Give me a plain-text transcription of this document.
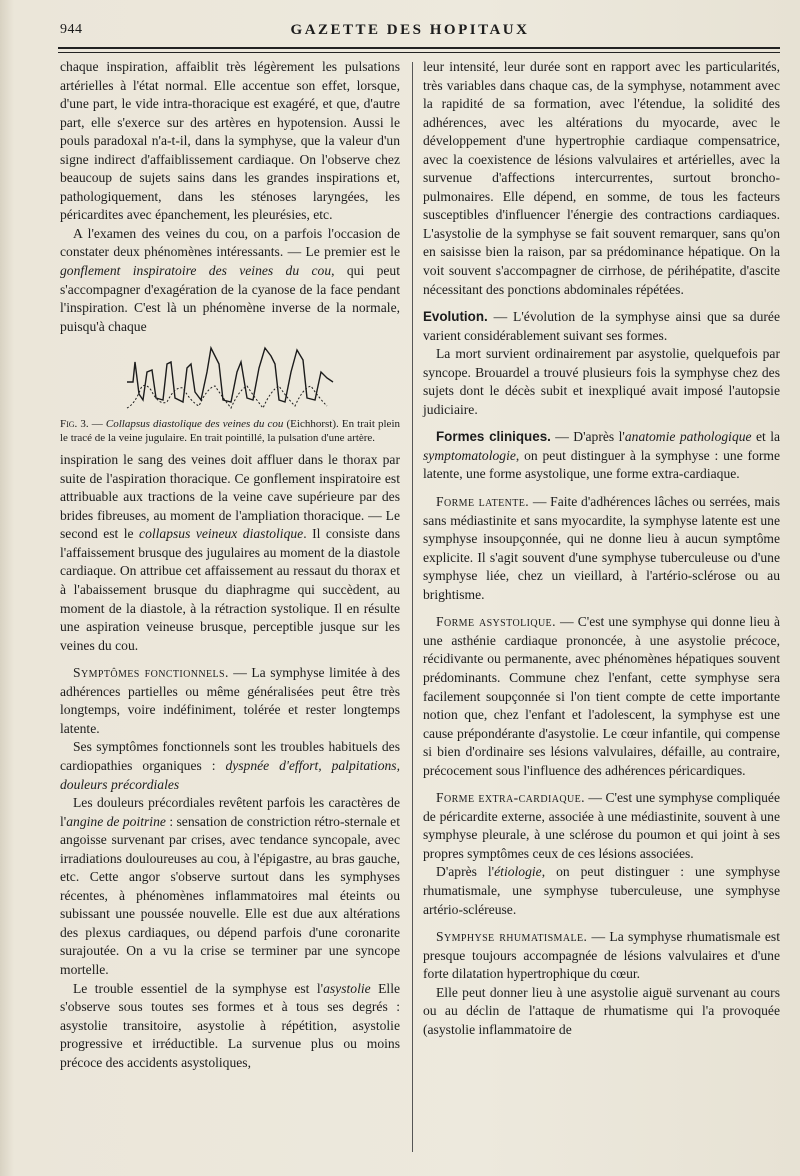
944	GAZETTE DES HOPITAUX

chaque inspiration, affaiblit très légèrement les pulsations artérielles à l'état normal. Elle accentue son effet, lorsque, d'une part, le vide intra-thoracique est exagéré, et que, d'autre part, elle s'exerce sur des artères en hypotension. Aussi le pouls paradoxal n'a-t-il, dans la symphyse, que la valeur d'un signe indirect d'affaiblissement cardiaque. On l'observe chez beaucoup de sujets sains dans les grandes inspirations et, pathologiquement, dans les sténoses laryngées, les péricardites avec épanchement, les pleurésies, etc.

A l'examen des veines du cou, on a parfois l'occasion de constater deux phénomènes intéressants. — Le premier est le gonflement inspiratoire des veines du cou, qui peut s'accompagner d'exagération de la cyanose de la face pendant l'inspiration. C'est là un phénomène inverse de la normale, puisqu'à chaque

Fig. 3. — Collapsus diastolique des veines du cou (Eichhorst). En trait plein le tracé de la veine jugulaire. En trait pointillé, la pulsation d'une artère.

inspiration le sang des veines doit affluer dans le thorax par suite de l'aspiration thoracique. Ce gonflement inspiratoire est attribuable aux tractions de la veine cave supérieure par des brides fibreuses, au moment de l'ampliation thoracique. — Le second est le collapsus veineux diastolique. Il consiste dans l'affaissement brusque des jugulaires au moment de la diastole cardiaque. On attribue cet affaissement au ressaut du thorax et à l'abaissement brusque du diaphragme qui succèdent, au moment de la diastole, à la rétraction systolique. Il en résulte une aspiration veineuse brusque, perceptible jusque sur les veines du cou.

Symptômes fonctionnels. — La symphyse limitée à des adhérences partielles ou même généralisées peut être très longtemps, voire indéfiniment, tolérée et rester longtemps latente.

Ses symptômes fonctionnels sont les troubles habituels des cardiopathies organiques : dyspnée d'effort, palpitations, douleurs précordiales

Les douleurs précordiales revêtent parfois les caractères de l'angine de poitrine : sensation de constriction rétro-sternale et angoisse survenant par crises, avec tendance syncopale, avec irradiations douloureuses au cou, à l'épigastre, au bras gauche, etc. Cette angor s'observe surtout dans les symphyses récentes, à phénomènes inflammatoires mal éteints ou subissant une poussée nouvelle. Elle est due aux altérations des plexus cardiaques, ou dépend parfois d'une coronarite surajoutée. On a vu la crise se terminer par une syncope mortelle.

Le trouble essentiel de la symphyse est l'asystolie Elle s'observe sous toutes ses formes et à tous ses degrés : asystolie transitoire, asystolie à répétition, asystolie progressive et irréductible. La survenue plus ou moins précoce des accidents asystoliques,

leur intensité, leur durée sont en rapport avec les particularités, très variables dans chaque cas, de la symphyse, notamment avec la rapidité de sa formation, avec l'étendue, la solidité des adhérences, avec les altérations du myocarde, avec le développement d'une hypertrophie cardiaque compensatrice, avec la coexistence de lésions valvulaires et artérielles, avec la survenue d'affections intercurrentes, surtout broncho-pulmonaires. Elle dépend, en somme, de tous les facteurs susceptibles d'influencer l'énergie des contractions cardiaques. L'asystolie de la symphyse se fait souvent remarquer, sans qu'on en saisisse bien la raison, par sa prédominance hépatique. On la voit souvent s'accompagner de cirrhose, de périhépatite, d'ascite nécessitant des ponctions abdominales répétées.

Evolution. — L'évolution de la symphyse ainsi que sa durée varient considérablement suivant ses formes.

La mort survient ordinairement par asystolie, quelquefois par syncope. Brouardel a trouvé plusieurs fois la symphyse chez des sujets dont le décès subit et inexpliqué avait imposé l'autopsie judiciaire.

Formes cliniques. — D'après l'anatomie pathologique et la symptomatologie, on peut distinguer à la symphyse : une forme latente, une forme asystolique, une forme extra-cardiaque.

Forme latente. — Faite d'adhérences lâches ou serrées, mais sans médiastinite et sans myocardite, la symphyse latente est une symphyse insoupçonnée, qui ne donne lieu à aucun symptôme explicite. Il s'agit souvent d'une symphyse tuberculeuse ou d'une symphyse liée, chez un vieillard, à l'artério-sclérose ou au brightisme.

Forme asystolique. — C'est une symphyse qui donne lieu à une asthénie cardiaque prononcée, à une asystolie précoce, récidivante ou permanente, avec phénomènes hépatiques souvent prédominants. Commune chez l'enfant, cette symphyse sera facilement soupçonnée si l'on tient compte de cette importante notion que, chez l'enfant et l'adolescent, la symphyse est une cause prépondérante d'asystolie. Le cœur infantile, qui compense si bien d'ordinaire ses lésions valvulaires, défaille, au contraire, précocement sous l'influence des adhérences péricardiques.

Forme extra-cardiaque. — C'est une symphyse compliquée de péricardite externe, associée à une médiastinite, souvent à une symphyse pleurale, à une sclérose du poumon et qui joint à ses propres symptômes ceux de ces lésions associées.

D'après l'étiologie, on peut distinguer : une symphyse rhumatismale, une symphyse tuberculeuse, une symphyse artério-scléreuse.

Symphyse rhumatismale. — La symphyse rhumatismale est presque toujours accompagnée de lésions valvulaires et d'une forte dilatation hypertrophique du cœur.

Elle peut donner lieu à une asystolie aiguë survenant au cours ou au déclin de l'attaque de rhumatisme qui l'a provoquée (asystolie inflammatoire de
